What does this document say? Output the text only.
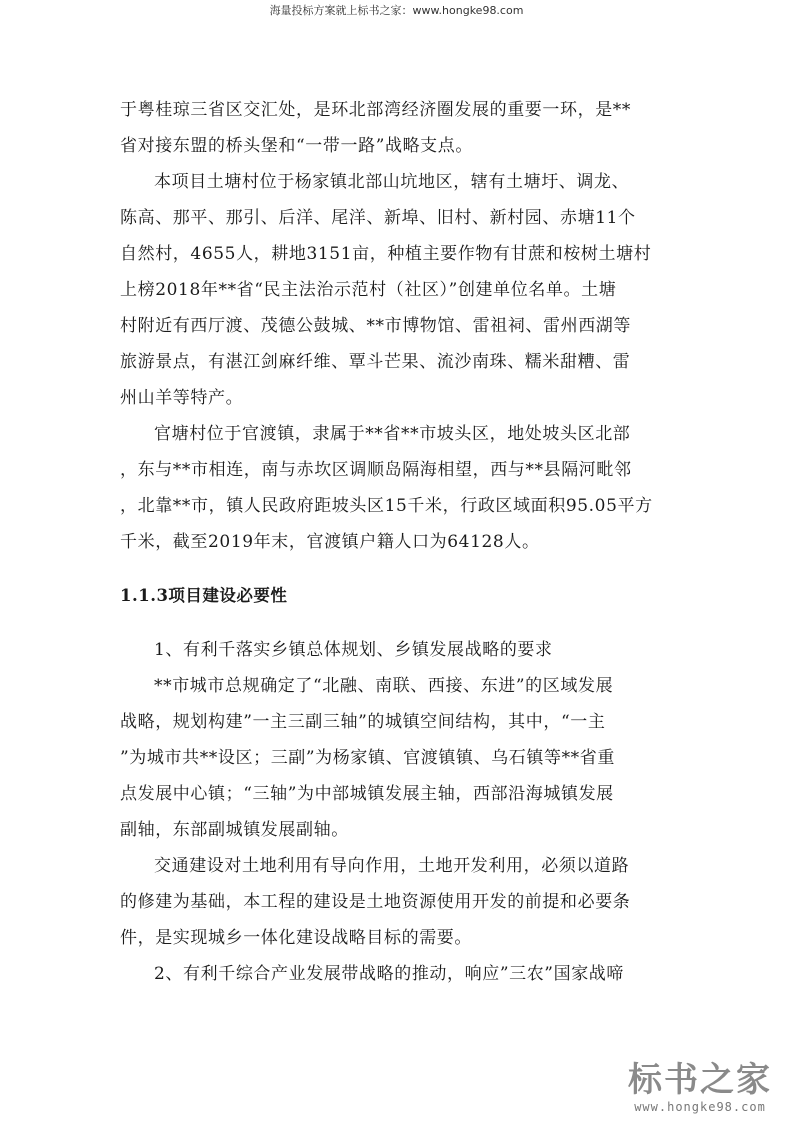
海量投标方案就上标书之家：www.hongke98.com

于粤桂琼三省区交汇处，是环北部湾经济圈发展的重要一环，是**

省对接东盟的桥头堡和“一带一路”战略支点。

本项目土塘村位于杨家镇北部山坑地区，辖有土塘圩、调龙、

陈高、那平、那引、后洋、尾洋、新埠、旧村、新村园、赤塘11个

自然村，4655人，耕地3151亩，种植主要作物有甘蔗和桉树土塘村

上榜2018年**省“民主法治示范村（社区）”创建单位名单。土塘

村附近有西厅渡、茂德公鼓城、**市博物馆、雷祖祠、雷州西湖等

旅游景点，有湛江剑麻纤维、覃斗芒果、流沙南珠、糯米甜糟、雷

州山羊等特产。

官塘村位于官渡镇，隶属于**省**市坡头区，地处坡头区北部

，东与**市相连，南与赤坎区调顺岛隔海相望，西与**县隔河毗邻

，北靠**市，镇人民政府距坡头区15千米，行政区域面积95.05平方

千米，截至2019年末，官渡镇户籍人口为64128人。

1.1.3项目建设必要性

1、有利千落实乡镇总体规划、乡镇发展战略的要求

**市城市总规确定了“北融、南联、西接、东进”的区域发展

战略，规划构建”一主三副三轴”的城镇空间结构，其中，“一主

”为城市共**设区；三副”为杨家镇、官渡镇镇、乌石镇等**省重

点发展中心镇；“三轴”为中部城镇发展主轴，西部沿海城镇发展

副轴，东部副城镇发展副轴。

交通建设对土地利用有导向作用，土地开发利用，必须以道路

的修建为基础，本工程的建设是土地资源使用开发的前提和必要条

件，是实现城乡一体化建设战略目标的需要。

2、有利千综合产业发展带战略的推动，响应”三农”国家战啼

标书之家
www.hongke98.com
